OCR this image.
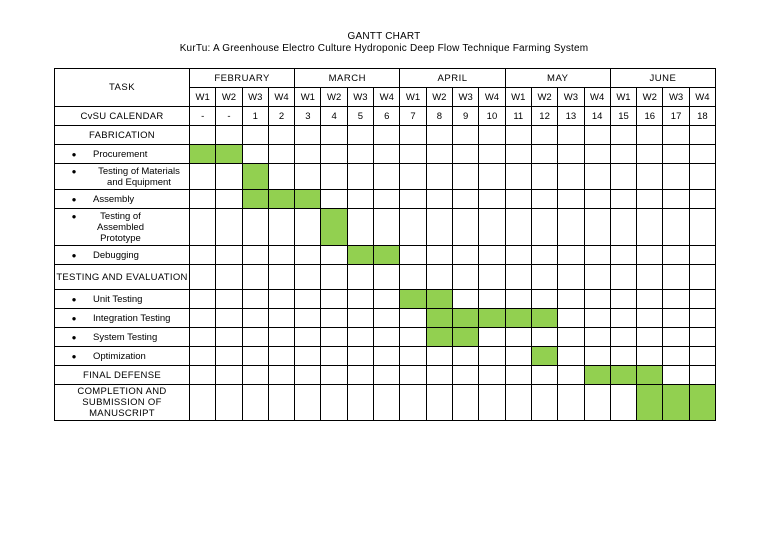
GANTT CHART
KurTu: A Greenhouse Electro Culture Hydroponic Deep Flow Technique Farming System
TASK	FEBRUARY				MARCH				APRIL				MAY				JUNE			
	W1	W2	W3	W4	W1	W2	W3	W4	W1	W2	W3	W4	W1	W2	W3	W4	W1	W2	W3	W4
CvSU CALENDAR	-	-	1	2	3	4	5	6	7	8	9	10	11	12	13	14	15	16	17	18
FABRICATION																				

● Procurement																				

● Testing of Materials and Equipment																				

● Assembly																				

● Testing of Assembled Prototype																				

● Debugging																				

TESTING AND EVALUATION																				

● Unit Testing																				

● Integration Testing																				

● System Testing																				

● Optimization																				

FINAL DEFENSE																				
COMPLETION AND SUBMISSION OF MANUSCRIPT																				
